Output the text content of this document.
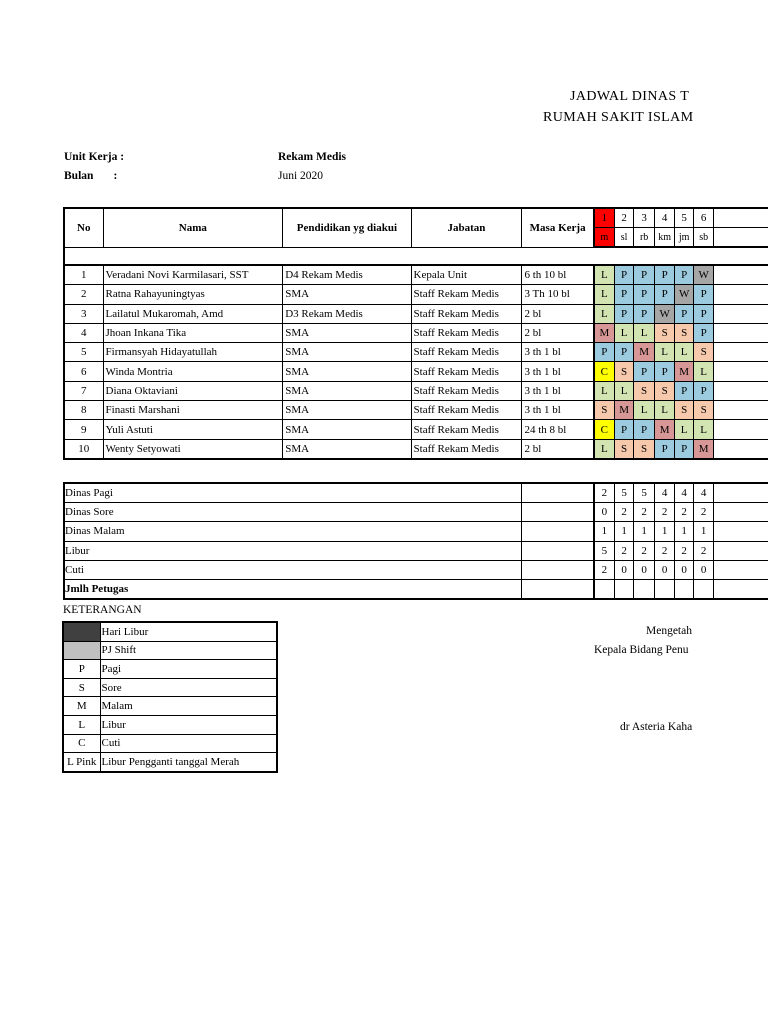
JADWAL DINAS T
RUMAH SAKIT ISLAM
Unit Kerja :	Rekam Medis
Bulan       :	Juni 2020
No	Nama	Pendidikan yg diakui	Jabatan	Masa Kerja	1	2	3	4	5	6	
					m	sl	rb	km	jm	sb	

1	Veradani Novi Karmilasari, SST	D4 Rekam Medis	Kepala Unit	6 th 10 bl	L	P	P	P	P	W	
2	Ratna Rahayuningtyas	SMA	Staff Rekam Medis	3 Th 10 bl	L	P	P	P	W	P	
3	Lailatul Mukaromah, Amd	D3 Rekam Medis	Staff Rekam Medis	2 bl	L	P	P	W	P	P	
4	Jhoan Inkana Tika	SMA	Staff Rekam Medis	2 bl	M	L	L	S	S	P	
5	Firmansyah Hidayatullah	SMA	Staff Rekam Medis	3 th 1 bl	P	P	M	L	L	S	
6	Winda Montria	SMA	Staff Rekam Medis	3 th 1 bl	C	S	P	P	M	L	
7	Diana Oktaviani	SMA	Staff Rekam Medis	3 th 1 bl	L	L	S	S	P	P	
8	Finasti Marshani	SMA	Staff Rekam Medis	3 th 1 bl	S	M	L	L	S	S	
9	Yuli Astuti	SMA	Staff Rekam Medis	24 th 8 bl	C	P	P	M	L	L	
10	Wenty Setyowati	SMA	Staff Rekam Medis	2 bl	L	S	S	P	P	M	
Dinas Pagi		2	5	5	4	4	4	
Dinas Sore		0	2	2	2	2	2	
Dinas Malam		1	1	1	1	1	1	
Libur		5	2	2	2	2	2	
Cuti		2	0	0	0	0	0	
Jmlh Petugas								
KETERANGAN
	Hari Libur
	PJ Shift
P	Pagi
S	Sore
M	Malam
L	Libur
C	Cuti
L Pink	Libur Pengganti tanggal Merah
Mengetah
Kepala Bidang Penu
dr Asteria Kaha
